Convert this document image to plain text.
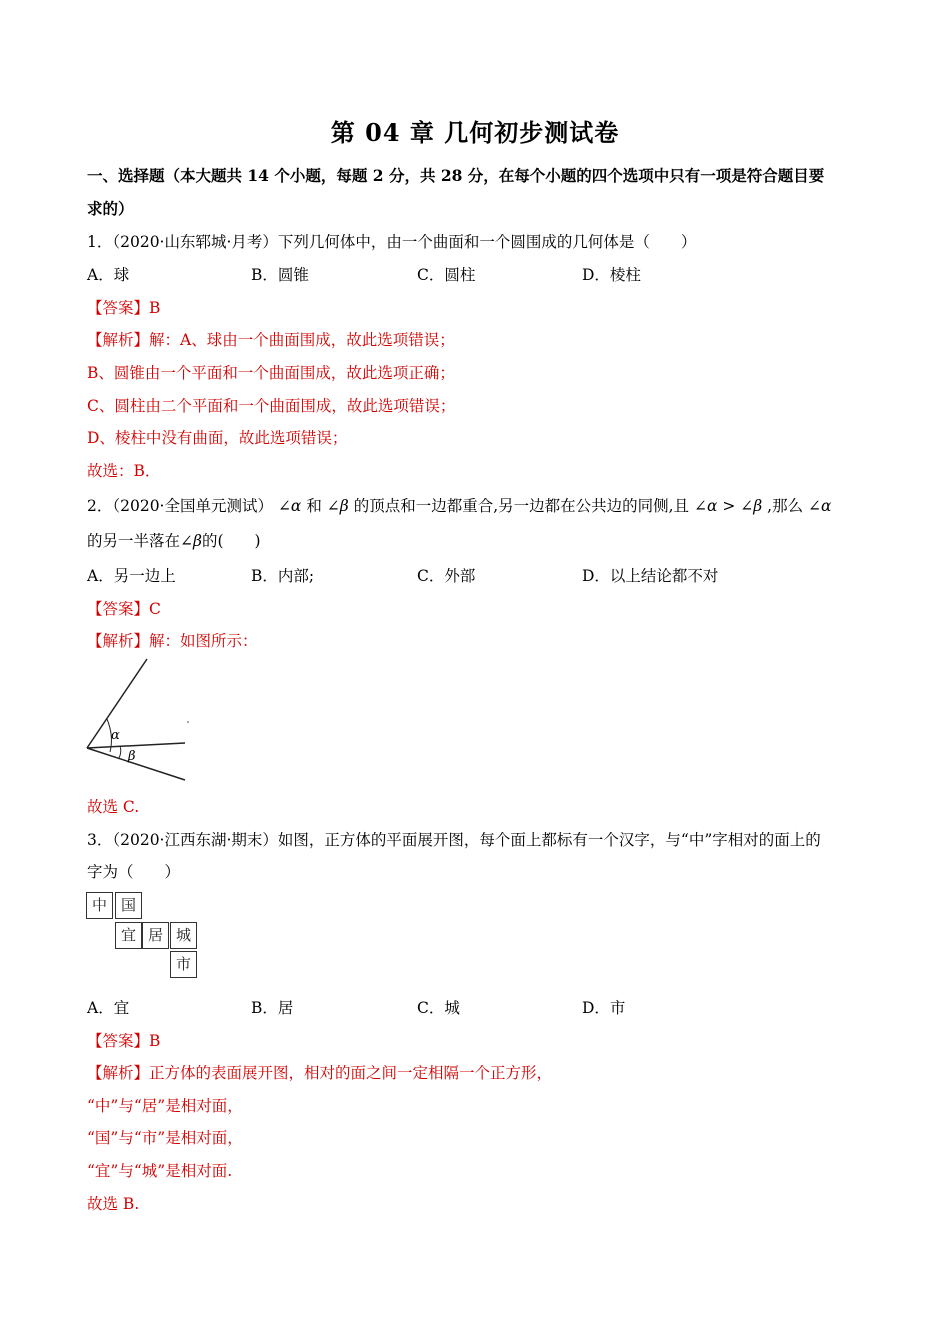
第 04 章 几何初步测试卷
一、选择题（本大题共 14 个小题，每题 2 分，共 28 分，在每个小题的四个选项中只有一项是符合题目要
求的）
1．（2020·山东郓城·月考）下列几何体中，由一个曲面和一个圆围成的几何体是（　　）
A．球	B．圆锥	C．圆柱	D．棱柱
【答案】B
【解析】解：A、球由一个曲面围成，故此选项错误；
B、圆锥由一个平面和一个曲面围成，故此选项正确；
C、圆柱由二个平面和一个曲面围成，故此选项错误；
D、棱柱中没有曲面，故此选项错误；
故选：B．
2．（2020·全国单元测试） ∠α 和 ∠β 的顶点和一边都重合,另一边都在公共边的同侧,且 ∠α > ∠β ,那么 ∠α
的另一半落在∠β的(　　)
A．另一边上	B．内部;	C．外部	D．以上结论都不对
【答案】C
【解析】解：如图所示：
α
β
故选 C.
3．（2020·江西东湖·期末）如图，正方体的平面展开图，每个面上都标有一个汉字，与“中”字相对的面上的
字为（　　）
中 国
宜 居 城
市
A．宜	B．居	C．城	D．市
【答案】B
【解析】正方体的表面展开图，相对的面之间一定相隔一个正方形，
“中”与“居”是相对面，
“国”与“市”是相对面，
“宜”与“城”是相对面.
故选 B.
